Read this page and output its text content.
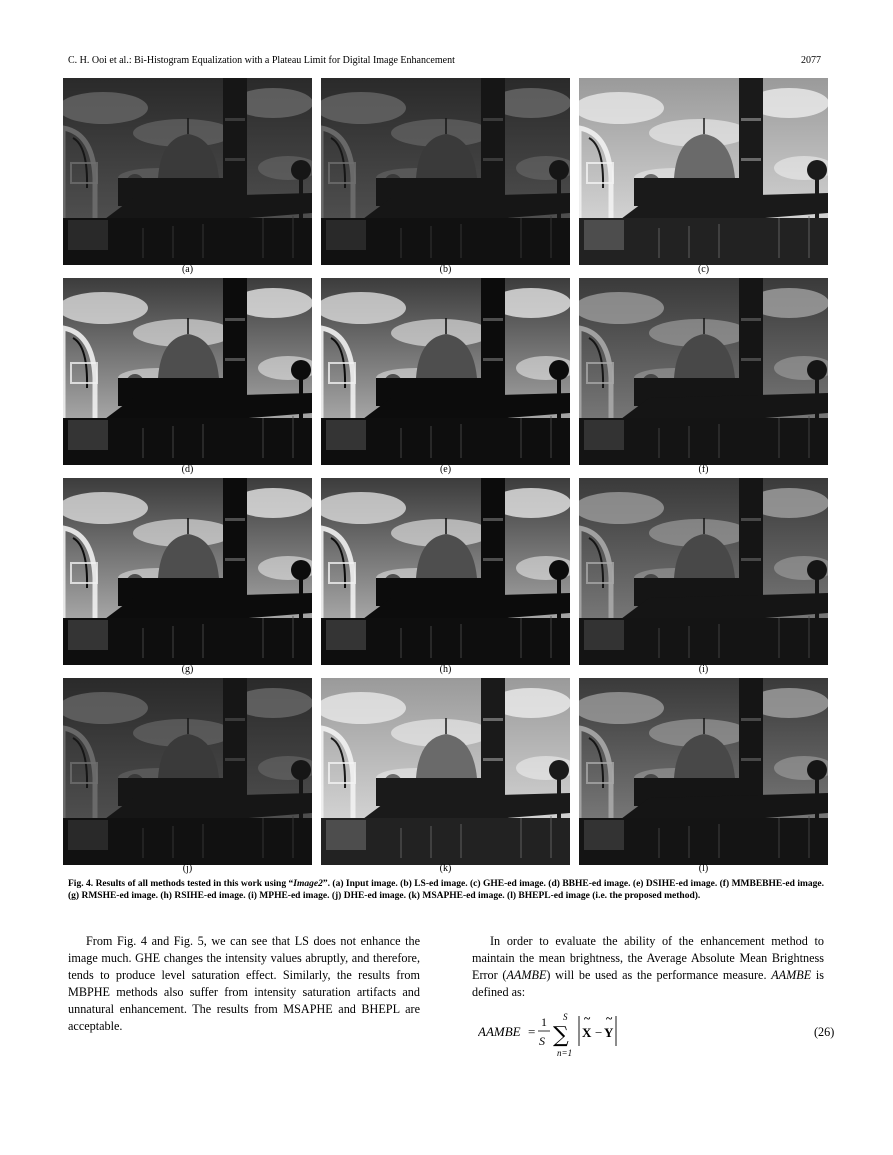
C. H. Ooi et al.: Bi-Histogram Equalization with a Plateau Limit for Digital Image Enhancement	2077
(a)	(b)	(c)
(d)	(e)	(f)
(g)	(h)	(i)
(j)	(k)	(l)
Fig. 4. Results of all methods tested in this work using “Image2”. (a) Input image. (b) LS-ed image. (c) GHE-ed image. (d) BBHE-ed image. (e) DSIHE-ed image. (f) MMBEBHE-ed image. (g) RMSHE-ed image. (h) RSIHE-ed image. (i) MPHE-ed image. (j) DHE-ed image. (k) MSAPHE-ed image. (l) BHEPL-ed image (i.e. the proposed method).

From Fig. 4 and Fig. 5, we can see that LS does not enhance the image much. GHE changes the intensity values abruptly, and therefore, tends to produce level saturation effect. Similarly, the results from MBPHE methods also suffer from intensity saturation artifacts and unnatural enhancement. The results from MSAPHE and BHEPL are acceptable.

In order to evaluate the ability of the enhancement method to maintain the mean brightness, the Average Absolute Mean Brightness Error (AAMBE) will be used as the performance measure. AAMBE is defined as:

AAMBE =
1
S
S
∑
n=1
~
X −
~
Y	(26)
